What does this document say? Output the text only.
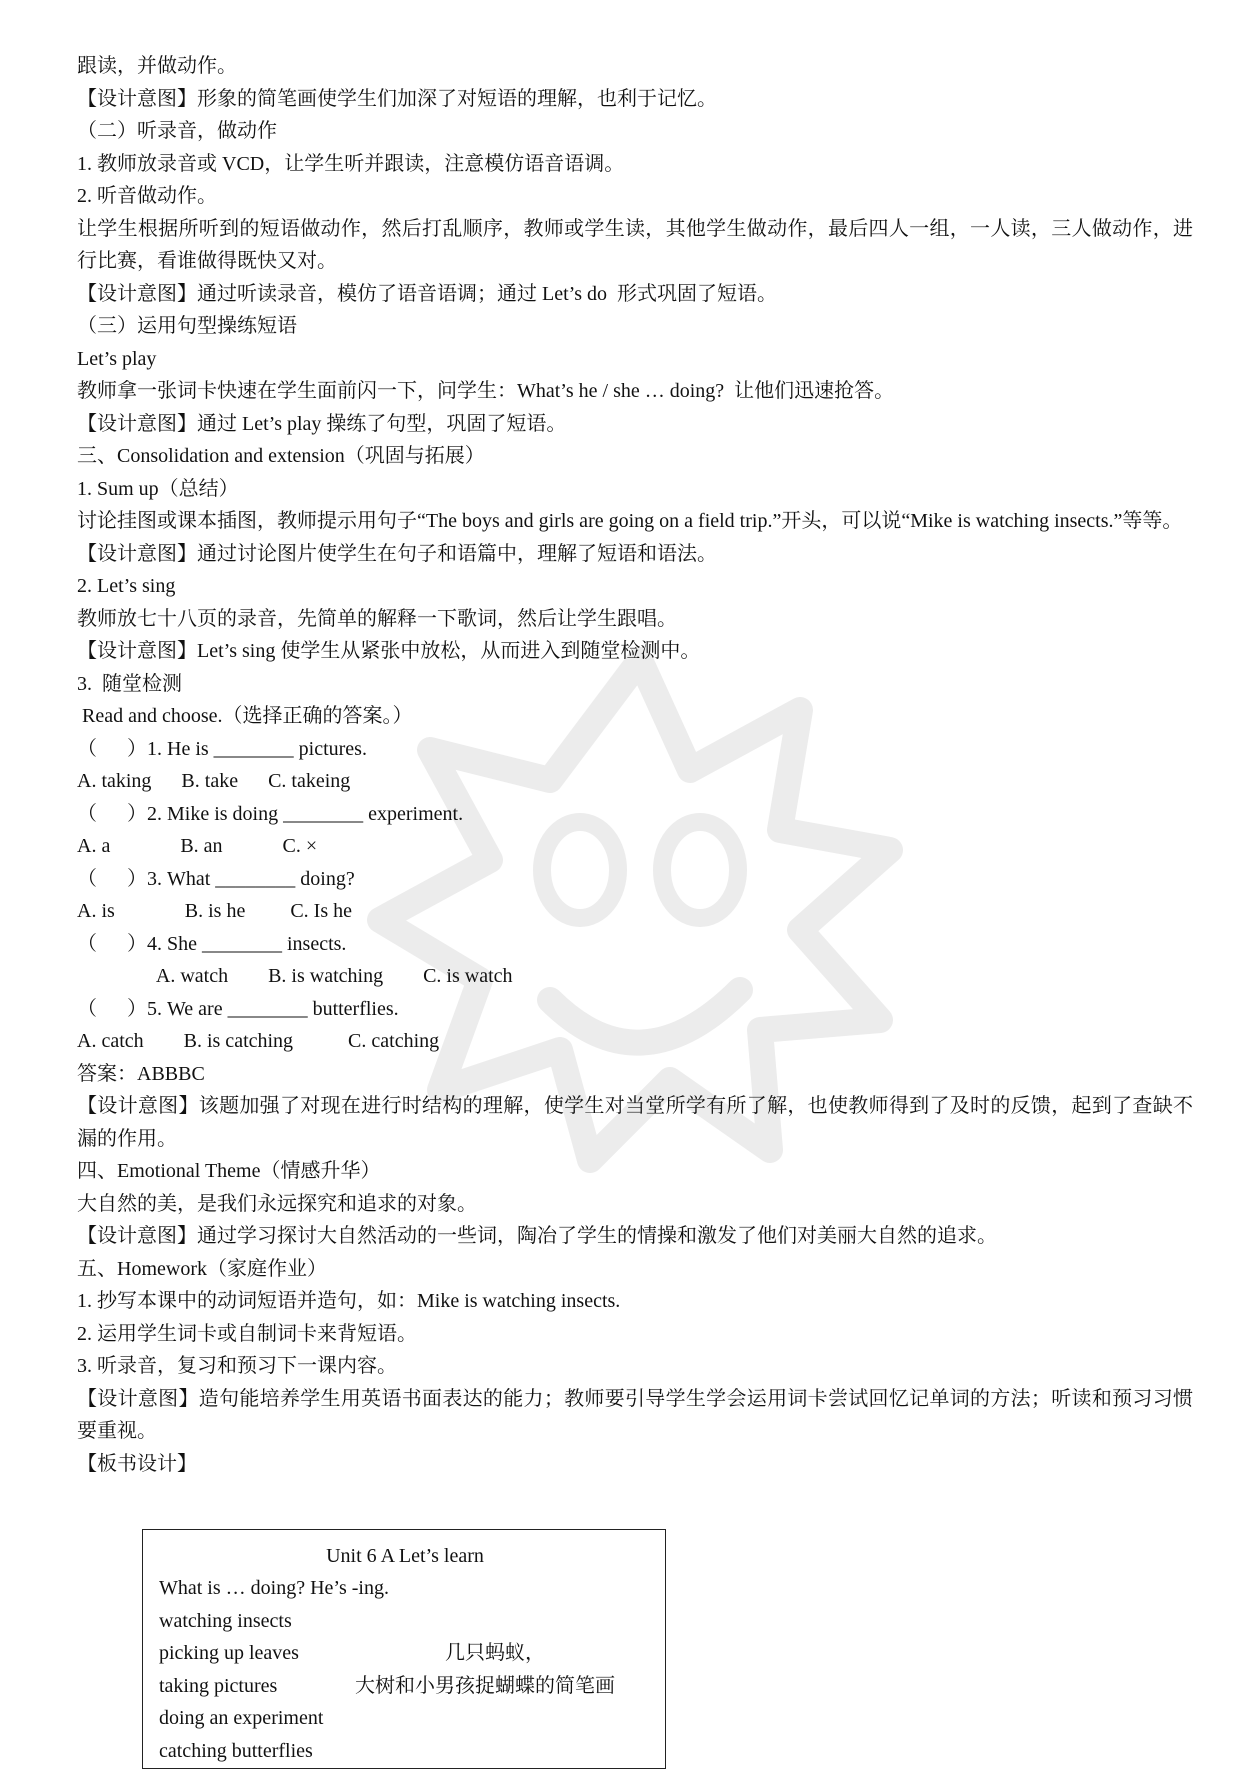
跟读，并做动作。
【设计意图】形象的简笔画使学生们加深了对短语的理解，也利于记忆。
（二）听录音，做动作
1. 教师放录音或 VCD，让学生听并跟读，注意模仿语音语调。
2. 听音做动作。
让学生根据所听到的短语做动作，然后打乱顺序，教师或学生读，其他学生做动作，最后四人一组，一人读，三人做动作，进行比赛，看谁做得既快又对。
【设计意图】通过听读录音，模仿了语音语调；通过 Let’s do  形式巩固了短语。
（三）运用句型操练短语
Let’s play
教师拿一张词卡快速在学生面前闪一下，问学生：What’s he / she … doing?  让他们迅速抢答。
【设计意图】通过 Let’s play 操练了句型，巩固了短语。
三、Consolidation and extension（巩固与拓展）
1. Sum up（总结）
讨论挂图或课本插图，教师提示用句子“The boys and girls are going on a field trip.”开头，可以说“Mike is watching insects.”等等。
【设计意图】通过讨论图片使学生在句子和语篇中，理解了短语和语法。
2. Let’s sing
教师放七十八页的录音，先简单的解释一下歌词，然后让学生跟唱。
【设计意图】Let’s sing 使学生从紧张中放松，从而进入到随堂检测中。
3.  随堂检测
Read and choose.（选择正确的答案。）
（      ）1. He is ________ pictures.
A. taking      B. take      C. takeing
（      ）2. Mike is doing ________ experiment.
A. a              B. an            C. ×
（      ）3. What ________ doing?
A. is              B. is he         C. Is he
（      ）4. She ________ insects.
A. watch        B. is watching        C. is watch
（      ）5. We are ________ butterflies.
A. catch        B. is catching           C. catching
答案：ABBBC
【设计意图】该题加强了对现在进行时结构的理解，使学生对当堂所学有所了解，也使教师得到了及时的反馈，起到了查缺不漏的作用。
四、Emotional Theme（情感升华）
大自然的美，是我们永远探究和追求的对象。
【设计意图】通过学习探讨大自然活动的一些词，陶冶了学生的情操和激发了他们对美丽大自然的追求。
五、Homework（家庭作业）
1. 抄写本课中的动词短语并造句，如：Mike is watching insects.
2. 运用学生词卡或自制词卡来背短语。
3. 听录音，复习和预习下一课内容。
【设计意图】造句能培养学生用英语书面表达的能力；教师要引导学生学会运用词卡尝试回忆记单词的方法；听读和预习习惯要重视。
【板书设计】
Unit 6 A Let’s learn
What is … doing? He’s -ing.
watching insects
picking up leaves
taking pictures
doing an experiment
catching butterflies
几只蚂蚁，
大树和小男孩捉蝴蝶的简笔画
